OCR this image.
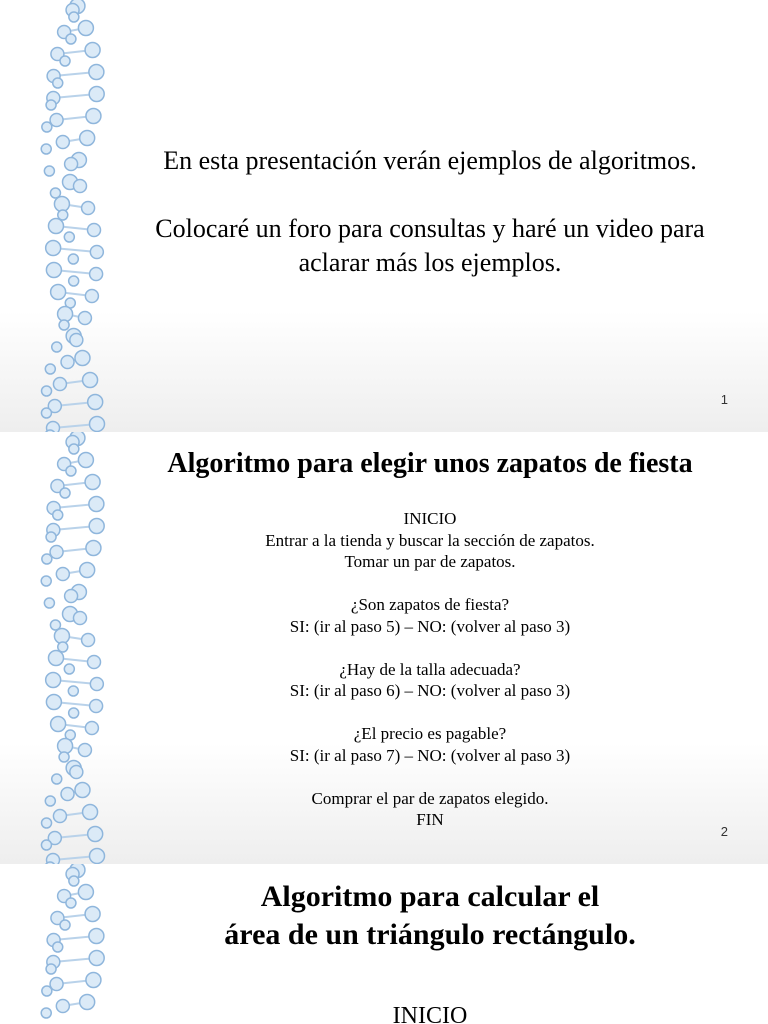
En esta presentación verán ejemplos de algoritmos.

Colocaré un foro para consultas y haré un video para aclarar más los ejemplos.
1
Algoritmo para elegir unos zapatos de fiesta
INICIO
Entrar a la tienda y buscar la sección de zapatos.
Tomar un par de zapatos.
¿Son zapatos de fiesta?
SI: (ir al paso 5) – NO: (volver al paso 3)
¿Hay de la talla adecuada?
SI: (ir al paso 6) – NO: (volver al paso 3)
¿El precio es pagable?
SI: (ir al paso 7) – NO: (volver al paso 3)
Comprar el par de zapatos elegido.
FIN
2
Algoritmo para calcular el
área de un triángulo rectángulo.
INICIO
